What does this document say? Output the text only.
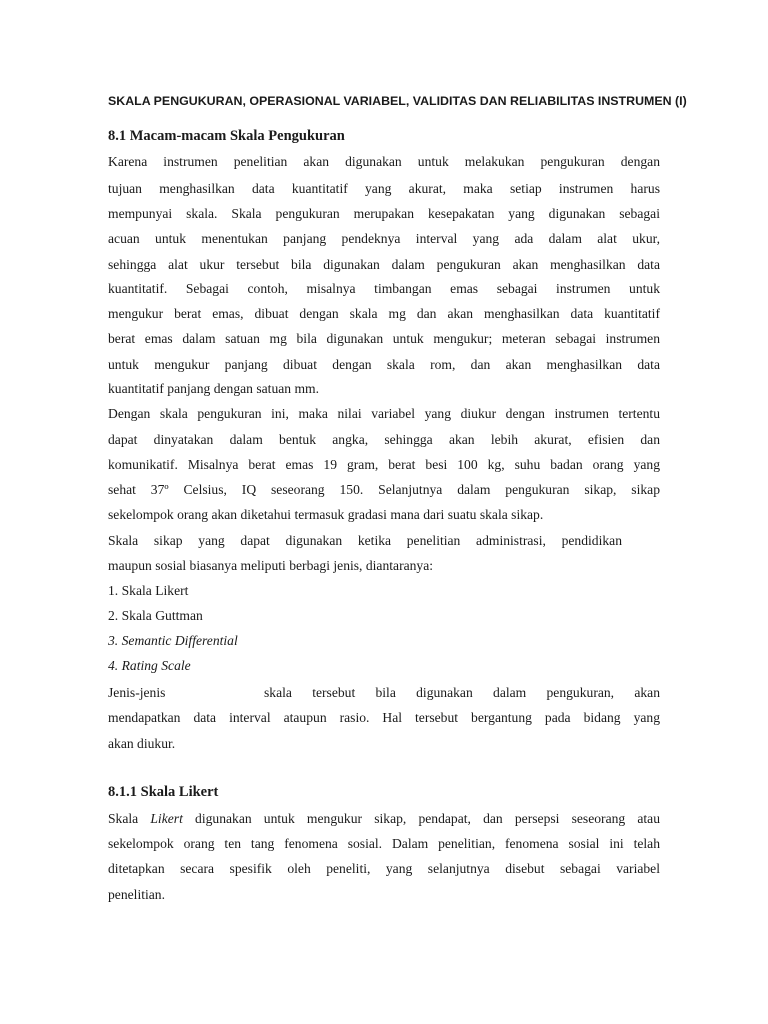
SKALA PENGUKURAN, OPERASIONAL VARIABEL, VALIDITAS DAN RELIABILITAS INSTRUMEN (I)
8.1 Macam-macam Skala Pengukuran
Karena instrumen penelitian akan digunakan untuk melakukan pengukuran dengan
tujuan menghasilkan data kuantitatif yang akurat, maka setiap instrumen harus
mempunyai skala. Skala pengukuran merupakan kesepakatan yang digunakan sebagai
acuan untuk menentukan panjang pendeknya interval yang ada dalam alat ukur,
sehingga alat ukur tersebut bila digunakan dalam pengukuran akan menghasilkan data
kuantitatif. Sebagai contoh, misalnya timbangan emas sebagai instrumen untuk
mengukur berat emas, dibuat dengan skala mg dan akan menghasilkan data kuantitatif
berat emas dalam satuan mg bila digunakan untuk mengukur; meteran sebagai instrumen
untuk mengukur panjang dibuat dengan skala rom, dan akan menghasilkan data
kuantitatif panjang dengan satuan mm.
Dengan skala pengukuran ini, maka nilai variabel yang diukur dengan instrumen tertentu
dapat dinyatakan dalam bentuk angka, sehingga akan lebih akurat, efisien dan
komunikatif. Misalnya berat emas 19 gram, berat besi 100 kg, suhu badan orang yang
sehat 37º Celsius, IQ seseorang 150. Selanjutnya dalam pengukuran sikap, sikap
sekelompok orang akan diketahui termasuk gradasi mana dari suatu skala sikap.
Skala sikap yang dapat digunakan ketika penelitian administrasi, pendidikan
maupun sosial biasanya meliputi berbagi jenis, diantaranya:
1. Skala Likert
2. Skala Guttman
3. Semantic Differential
4. Rating Scale
Jenis-jenis	skala tersebut bila digunakan dalam pengukuran, akan
mendapatkan data interval ataupun rasio. Hal tersebut bergantung pada bidang yang
akan diukur.
8.1.1 Skala Likert
Skala Likert digunakan untuk mengukur sikap, pendapat, dan persepsi seseorang atau
sekelompok orang ten tang fenomena sosial. Dalam penelitian, fenomena sosial ini telah
ditetapkan secara spesifik oleh peneliti, yang selanjutnya disebut sebagai variabel
penelitian.
